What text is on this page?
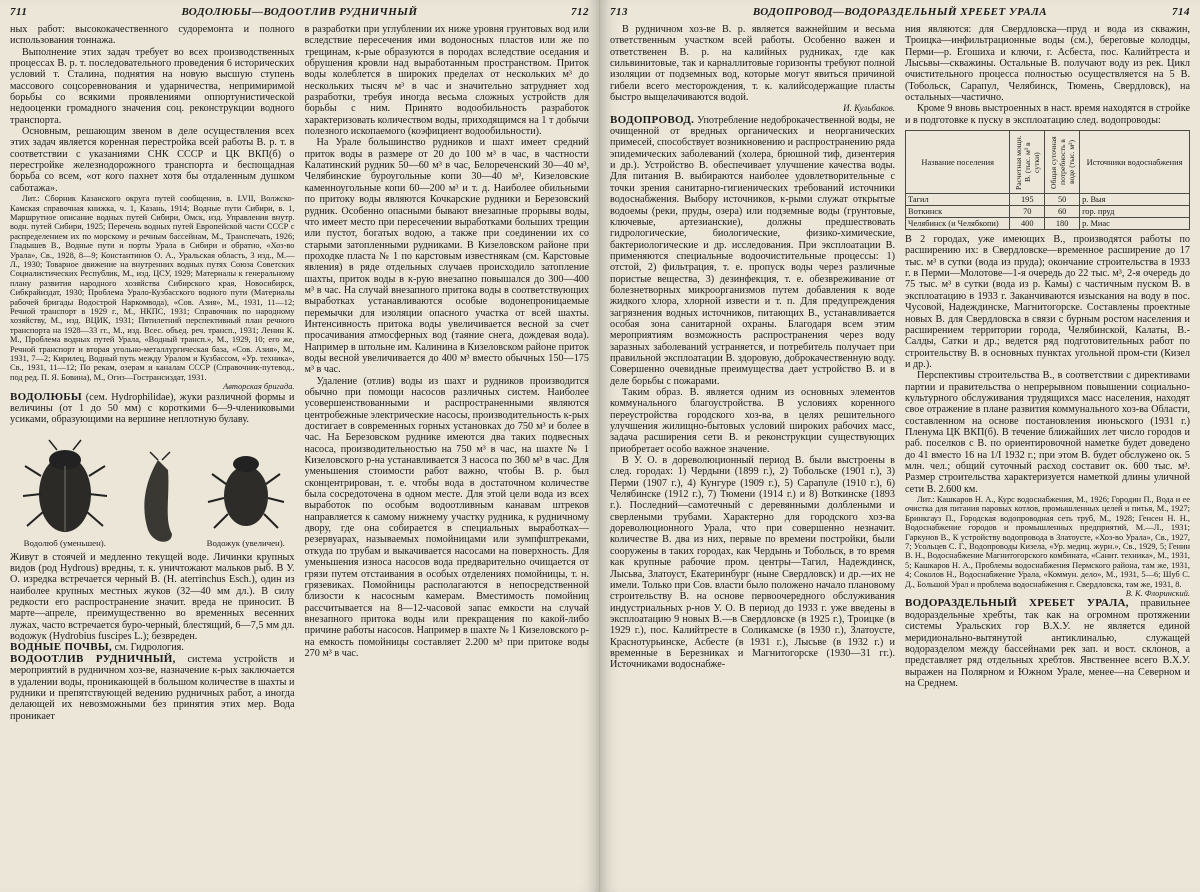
711	ВОДОЛЮБЫ—ВОДООТЛИВ РУДНИЧНЫЙ	712

ных работ: высококачественного судоремонта и полного использования тоннажа.

Выполнение этих задач требует во всех производственных процессах В. р. т. последовательного проведения 6 исторических условий т. Сталина, поднятия на новую высшую ступень массового соцсоревнования и ударничества, непримиримой борьбы со всякими проявлениями оппортунистической недооценки громадного значения соц. реконструкции водного транспорта.

Основным, решающим звеном в деле осуществления всех этих задач является коренная перестройка всей работы В. р. т. в соответствии с указаниями СНК СССР и ЦК ВКП(б) о перестройке железнодорожного транспорта и беспощадная борьба со всем, «от кого пахнет хотя бы отдаленным душком саботажа».

Лит.: Сборник Казанского округа путей сообщения, в. LVII, Волжско-Камская справочная книжка, ч. 1, Казань, 1914; Водные пути Сибири, в. 1, Маршрутное описание водных путей Сибири, Омск, изд. Управления внутр. водн. путей Сибири, 1925; Перечень водных путей Европейской части СССР с распределением их по морскому и речным бассейнам, М., Транспечать, 1926; Гладышев В., Водные пути и порты Урала в Сибири и обратно, «Хоз-во Урала», Св., 1928, 8—9; Константинов О. А., Уральская область, 3 изд., М.—Л., 1930; Товарное движение на внутренних водных путях Союза Советских Социалистических Республик, М., изд. ЦСУ, 1929; Материалы к генеральному плану развития народного хозяйства Сибирского края, Новосибирск, Сибкрайиздат, 1930; Проблема Урало-Кузбасского водного пути (Материалы рабочей бригады Водострой Наркомвода), «Сов. Азия», М., 1931, 11—12; Речной транспорт в 1929 г., М., НКПС, 1931; Справочник по народному хозяйству, М., изд. ВЦИК, 1931; Пятилетний перспективный план речного транспорта на 1928—33 гг., М., изд. Всес. объед. реч. трансп., 1931; Ленин К. М., Проблема водных путей Урала, «Водный трансп.», М., 1929, 10; его же, Речной транспорт и вторая угольно-металлургическая база, «Сов. Азия», М., 1931, 7—2; Кирилец, Водный путь между Уралом и Кузбассом, «Ур. техника», Св., 1931, 11—12; По рекам, озерам и каналам СССР (Справочник-путевод., под ред. П. Я. Бовина), М., Огиз—Гострансиздат, 1931.

Авторская бригада.

ВОДОЛЮБЫ (сем. Hydrophilidae), жуки различной формы и величины (от 1 до 50 мм) с короткими 6—9-члениковыми усиками, образующими на вершине неплотную булаву.

Водолюб (уменьшен).	Водожук (увеличен).

Живут в стоячей и медленно текущей воде. Личинки крупных видов (род Hydrous) вредны, т. к. уничтожают мальков рыб. В У. О. изредка встречается черный В. (H. aterrinchus Esch.), один из наиболее крупных местных жуков (32—40 мм дл.). В силу редкости его распространение значит. вреда не приносит. В марте—апреле, преимущественно во временных весенних лужах, часто встречается буро-черный, блестящий, 6—7,5 мм дл. водожук (Hydrobius fuscipes L.); безвреден.

ВОДНЫЕ ПОЧВЫ, см. Гидрология.

ВОДООТЛИВ РУДНИЧНЫЙ, система устройств и мероприятий в рудничном хоз-ве, назначение к-рых заключается в удалении воды, проникающей в большом количестве в шахты и рудники и препятствующей ведению рудничных работ, а иногда делающей их невозможными без принятия этих мер. Вода проникает

в разработки при углублении их ниже уровня грунтовых вод или вследствие пересечения ими водоносных пластов или же по трещинам, к-рые образуются в породах вследствие оседания и обрушения кровли над выработанным пространством. Приток воды колеблется в широких пределах от нескольких м³ до нескольких тысяч м³ в час и значительно затрудняет ход разработки, требуя иногда весьма сложных устройств для борьбы с ним. Принято водообильность разработок характеризовать количеством воды, приходящимся на 1 т добычи полезного ископаемого (коэфициент водообильности).

На Урале большинство рудников и шахт имеет средний приток воды в размере от 20 до 100 м³ в час, в частности Калатинский рудник 50—60 м³ в час, Белореченский 30—40 м³, Челябинские буроугольные копи 30—40 м³, Кизеловские каменноугольные копи 60—200 м³ и т. д. Наиболее обильными по притоку воды являются Кочкарские рудники и Березовский рудник. Особенно опасными бывают внезапные прорывы воды, что имеет место при пересечении выработками больших трещин или пустот, богатых водою, а также при соединении их со старыми затопленными рудниками. В Кизеловском районе при проходке пласта № 1 по карстовым известнякам (см. Карстовые явления) в ряде отдельных случаев происходило затопление шахты, приток воды в к-рую внезапно повышался до 300—400 м³ в час. На случай внезапного притока воды в соответствующих выработках устанавливаются особые водонепроницаемые перемычки для изоляции опасного участка от всей шахты. Интенсивность притока воды увеличивается весной за счет просачивания атмосферных вод (таяние снега, дождевая вода). Например в штольне им. Калинина в Кизеловском районе приток воды весной увеличивается до 400 м³ вместо обычных 150—175 м³ в час.

Удаление (отлив) воды из шахт и рудников производится обычно при помощи насосов различных систем. Наиболее усовершенствованными и распространенными являются центробежные электрические насосы, производительность к-рых достигает в современных горных установках до 750 м³ и более в час. На Березовском руднике имеются два таких подвесных насоса, производительностью на 750 м³ в час, на шахте № 1 Кизеловского р-на устанавливается 3 насоса по 360 м³ в час. Для уменьшения стоимости работ важно, чтобы В. р. был сконцентрирован, т. е. чтобы вода в достаточном количестве была сосредоточена в одном месте. Для этой цели вода из всех выработок по особым водоотливным канавам штреков направляется к самому нижнему участку рудника, к рудничному двору, где она собирается в специальных выработках—резервуарах, называемых помойницами или зумпфштреками, откуда по трубам и выкачивается насосами на поверхность. Для уменьшения износа насосов вода предварительно очищается от грязи путем отстаивания в особых отделениях помойницы, т. н. грязевиках. Помойницы располагаются в непосредственной близости к насосным камерам. Вместимость помойниц рассчитывается на 8—12-часовой запас емкости на случай внезапного притока воды или прекращения по какой-либо причине работы насосов. Например в шахте № 1 Кизеловского р-на емкость помойницы составляет 2.200 м³ при притоке воды 270 м³ в час.

713	ВОДОПРОВОД—ВОДОРАЗДЕЛЬНЫЙ ХРЕБЕТ УРАЛА	714

В рудничном хоз-ве В. р. является важнейшим и весьма ответственным участком всей работы. Особенно важен и ответственен В. р. на калийных рудниках, где как сильвинитовые, так и карналлитовые горизонты требуют полной изоляции от подземных вод, которые могут явиться причиной гибели всего месторождения, т. к. калийсодержащие пласты быстро выщелачиваются водой.

И. Кульбаков.

ВОДОПРОВОД. Употребление недоброкачественной воды, не очищенной от вредных органических и неорганических примесей, способствует возникновению и распространению ряда эпидемических заболеваний (холера, брюшной тиф, дизентерия и др.). Устройство В. обеспечивает улучшение качества воды. Для питания В. выбираются наиболее удовлетворительные с точки зрения санитарно-гигиенических требований источники водоснабжения. Выбору источников, к-рыми служат открытые водоемы (реки, пруды, озера) или подземные воды (грунтовые, ключевые, артезианские), должны предшествовать гидрологические, биологические, физико-химические, бактериологические и др. исследования. При эксплоатации В. применяются специальные водоочистительные процессы: 1) отстой, 2) фильтрация, т. е. пропуск воды через различные пористые вещества, 3) дезинфекция, т. е. обезвреживание от болезнетворных микроорганизмов путем добавления к воде жидкого хлора, хлорной извести и т. п. Для предупреждения загрязнения водных источников, питающих В., устанавливается особая зона санитарной охраны. Благодаря всем этим мероприятиям возможность распространения через воду заразных заболеваний устраняется, и потребитель получает при правильной эксплоатации В. здоровую, доброкачественную воду. Совершенно очевидные преимущества дает устройство В. и в деле борьбы с пожарами.

Таким образ. В. является одним из основных элементов коммунального благоустройства. В условиях коренного переустройства городского хоз-ва, в целях решительного улучшения жилищно-бытовых условий широких рабочих масс, задача расширения сети В. и реконструкции существующих приобретает особо важное значение.

В У. О. в дореволюционный период В. были выстроены в след. городах: 1) Чердыни (1899 г.), 2) Тобольске (1901 г.), 3) Перми (1907 г.), 4) Кунгуре (1909 г.), 5) Сарапуле (1910 г.), 6) Челябинске (1912 г.), 7) Тюмени (1914 г.) и 8) Воткинске (1893 г.). Последний—самотечный с деревянными долблеными и сверлеными трубами. Характерно для городского хоз-ва дореволюционного Урала, что при совершенно незначит. количестве В. два из них, первые по времени постройки, были сооружены в таких городах, как Чердынь и Тобольск, в то время как крупные рабочие пром. центры—Тагил, Надеждинск, Лысьва, Златоуст, Екатеринбург (ныне Свердловск) и др.—их не имели. Только при Сов. власти было положено начало плановому строительству В. на основе первоочередного обслуживания индустриальных р-нов У. О. В период до 1933 г. уже введены в эксплоатацию 9 новых В.—в Свердловске (в 1925 г.), Троицке (в 1929 г.), пос. Калийтресте в Соликамске (в 1930 г.), Златоусте, Краснотурьинске, Асбесте (в 1931 г.), Лысьве (в 1932 г.) и временные в Березниках и Магнитогорске (1930—31 гг.). Источниками водоснабже-

ния являются: для Свердловска—пруд и вода из скважин, Троицка—инфильтрационные воды (см.), береговые колодцы, Перми—р. Егошиха и ключи, г. Асбеста, пос. Калийтреста и Лысьвы—скважины. Остальные В. получают воду из рек. Цикл очистительного процесса полностью осуществляется на 5 В. (Тобольск, Сарапул, Челябинск, Тюмень, Свердловск), на остальных—частично.

Кроме 9 вновь выстроенных в наст. время находятся в стройке и в подготовке к пуску в эксплоатацию след. водопроводы:

Название поселения	Расчетная мощн. В. (тыс. м³ в сутки)	Общая суточная потребность в воде (тыс. м³)	Источники водоснабжения
Тагил	195	50	р. Выя
Воткинск	70	60	гор. пруд
Челябинск (и Челябкопи)	400	180	р. Миас

В 2 городах, уже имеющих В., производятся работы по расширению их: в Свердловске—временное расширение до 17 тыс. м³ в сутки (вода из пруда); окончание строительства в 1933 г. в Перми—Молотове—1-я очередь до 22 тыс. м³, 2-я очередь до 75 тыс. м³ в сутки (вода из р. Камы) с частичным пуском В. в эксплоатацию в 1933 г. Заканчиваются изыскания на воду в пос. Чусовой, Надеждинске, Магнитогорске. Составлены проектные новых В. для Свердловска в связи с бурным ростом населения и расширением территории города, Челябинской, Калаты, В.-Салды, Сатки и др.; ведется ряд подготовительных работ по строительству В. в основных пунктах угольной пром-сти (Кизел и др.).

Перспективы строительства В., в соответствии с директивами партии и правительства о непрерывном повышении социально-культурного обслуживания трудящихся масс населения, находят свое отражение в плане развития коммунального хоз-ва Области, составленном на основе постановления июньского (1931 г.) Пленума ЦК ВКП(б). В течение ближайших лет число городов и раб. поселков с В. по ориентировочной наметке будет доведено до 41 вместо 16 на 1/I 1932 г.; при этом В. будет обслужено ок. 5 млн. чел.; общий суточный расход составит ок. 600 тыс. м³. Размер строительства характеризуется наметкой длины уличной сети В. 2.600 км.

Лит.: Кашкаров Н. А., Курс водоснабжения, М., 1926; Городин П., Вода и ее очистка для питания паровых котлов, промышленных целей и питья, М., 1927; Бринкгауз П., Городская водопроводная сеть труб, М., 1928; Генсен Н. Н., Водоснабжение городов и промышленных предприятий, М.—Л., 1931; Гаркунов В., К устройству водопровода в Златоусте, «Хоз-во Урала», Св., 1927, 7; Усольцев С. Г., Водопроводы Кизела, «Ур. медиц. журн.», Св., 1929, 5; Генин В. Н., Водоснабжение Магнитогорского комбината, «Санит. техника», М., 1931, 5; Кашкаров Н. А., Проблемы водоснабжения Пермского района, там же, 1931, 4; Соколов Н., Водоснабжение Урала, «Коммун. дело», М., 1931, 5—6; Шуб С. Д., Большой Урал и проблема водоснабжения г. Свердловска, там же, 1931, 8.

В. К. Флоринский.

ВОДОРАЗДЕЛЬНЫЙ ХРЕБЕТ УРАЛА, правильнее водораздельные хребты, так как на огромном протяжении системы Уральских гор В.Х.У. не является единой меридионально-вытянутой антиклиналью, служащей водоразделом между бассейнами рек зап. и вост. склонов, а представляет ряд отдельных хребтов. Явственнее всего В.Х.У. выражен на Полярном и Южном Урале, менее—на Северном и на Среднем.
